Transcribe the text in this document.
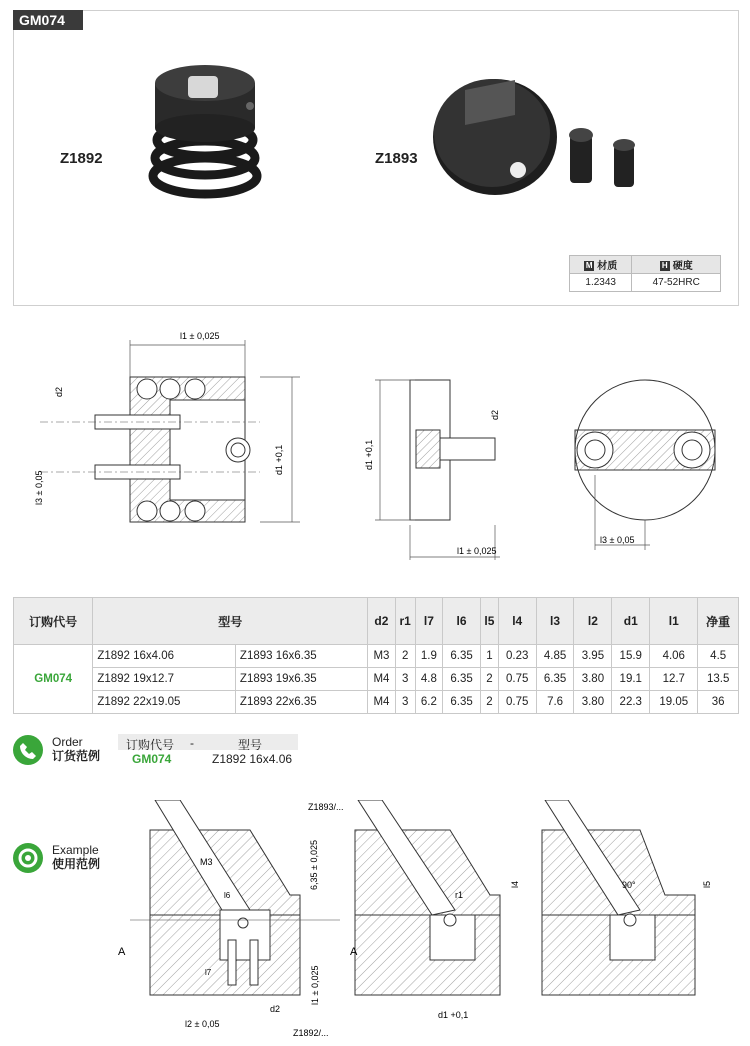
GM074
Z1892	Z1893
M 材质	H 硬度
1.2343	47-52HRC
l1 ± 0,025
d1 +0,1
d2
l3 ± 0,05
d1 +0,1
d2
l1 ± 0,025
l3 ± 0,05
订购代号	型号		d2	r1	l7	l6	l5	l4	l3	l2	d1	l1	净重
GM074	Z1892 16x4.06	Z1893 16x6.35	M3	2	1.9	6.35	1	0.23	4.85	3.95	15.9	4.06	4.5
	Z1892 19x12.7	Z1893 19x6.35	M4	3	4.8	6.35	2	0.75	6.35	3.80	19.1	12.7	13.5
	Z1892 22x19.05	Z1893 22x6.35	M4	3	6.2	6.35	2	0.75	7.6	3.80	22.3	19.05	36
Order
订货范例
订购代号 -	型号
GM074	Z1892 16x4.06
Example
使用范例
Z1893/...
M3
l6
6,35 ± 0,025
A
l7	l1 ± 0,025
l2 ± 0,05
d2
Z1892/...
A
r1
l4
d1 +0,1
90°	l5
